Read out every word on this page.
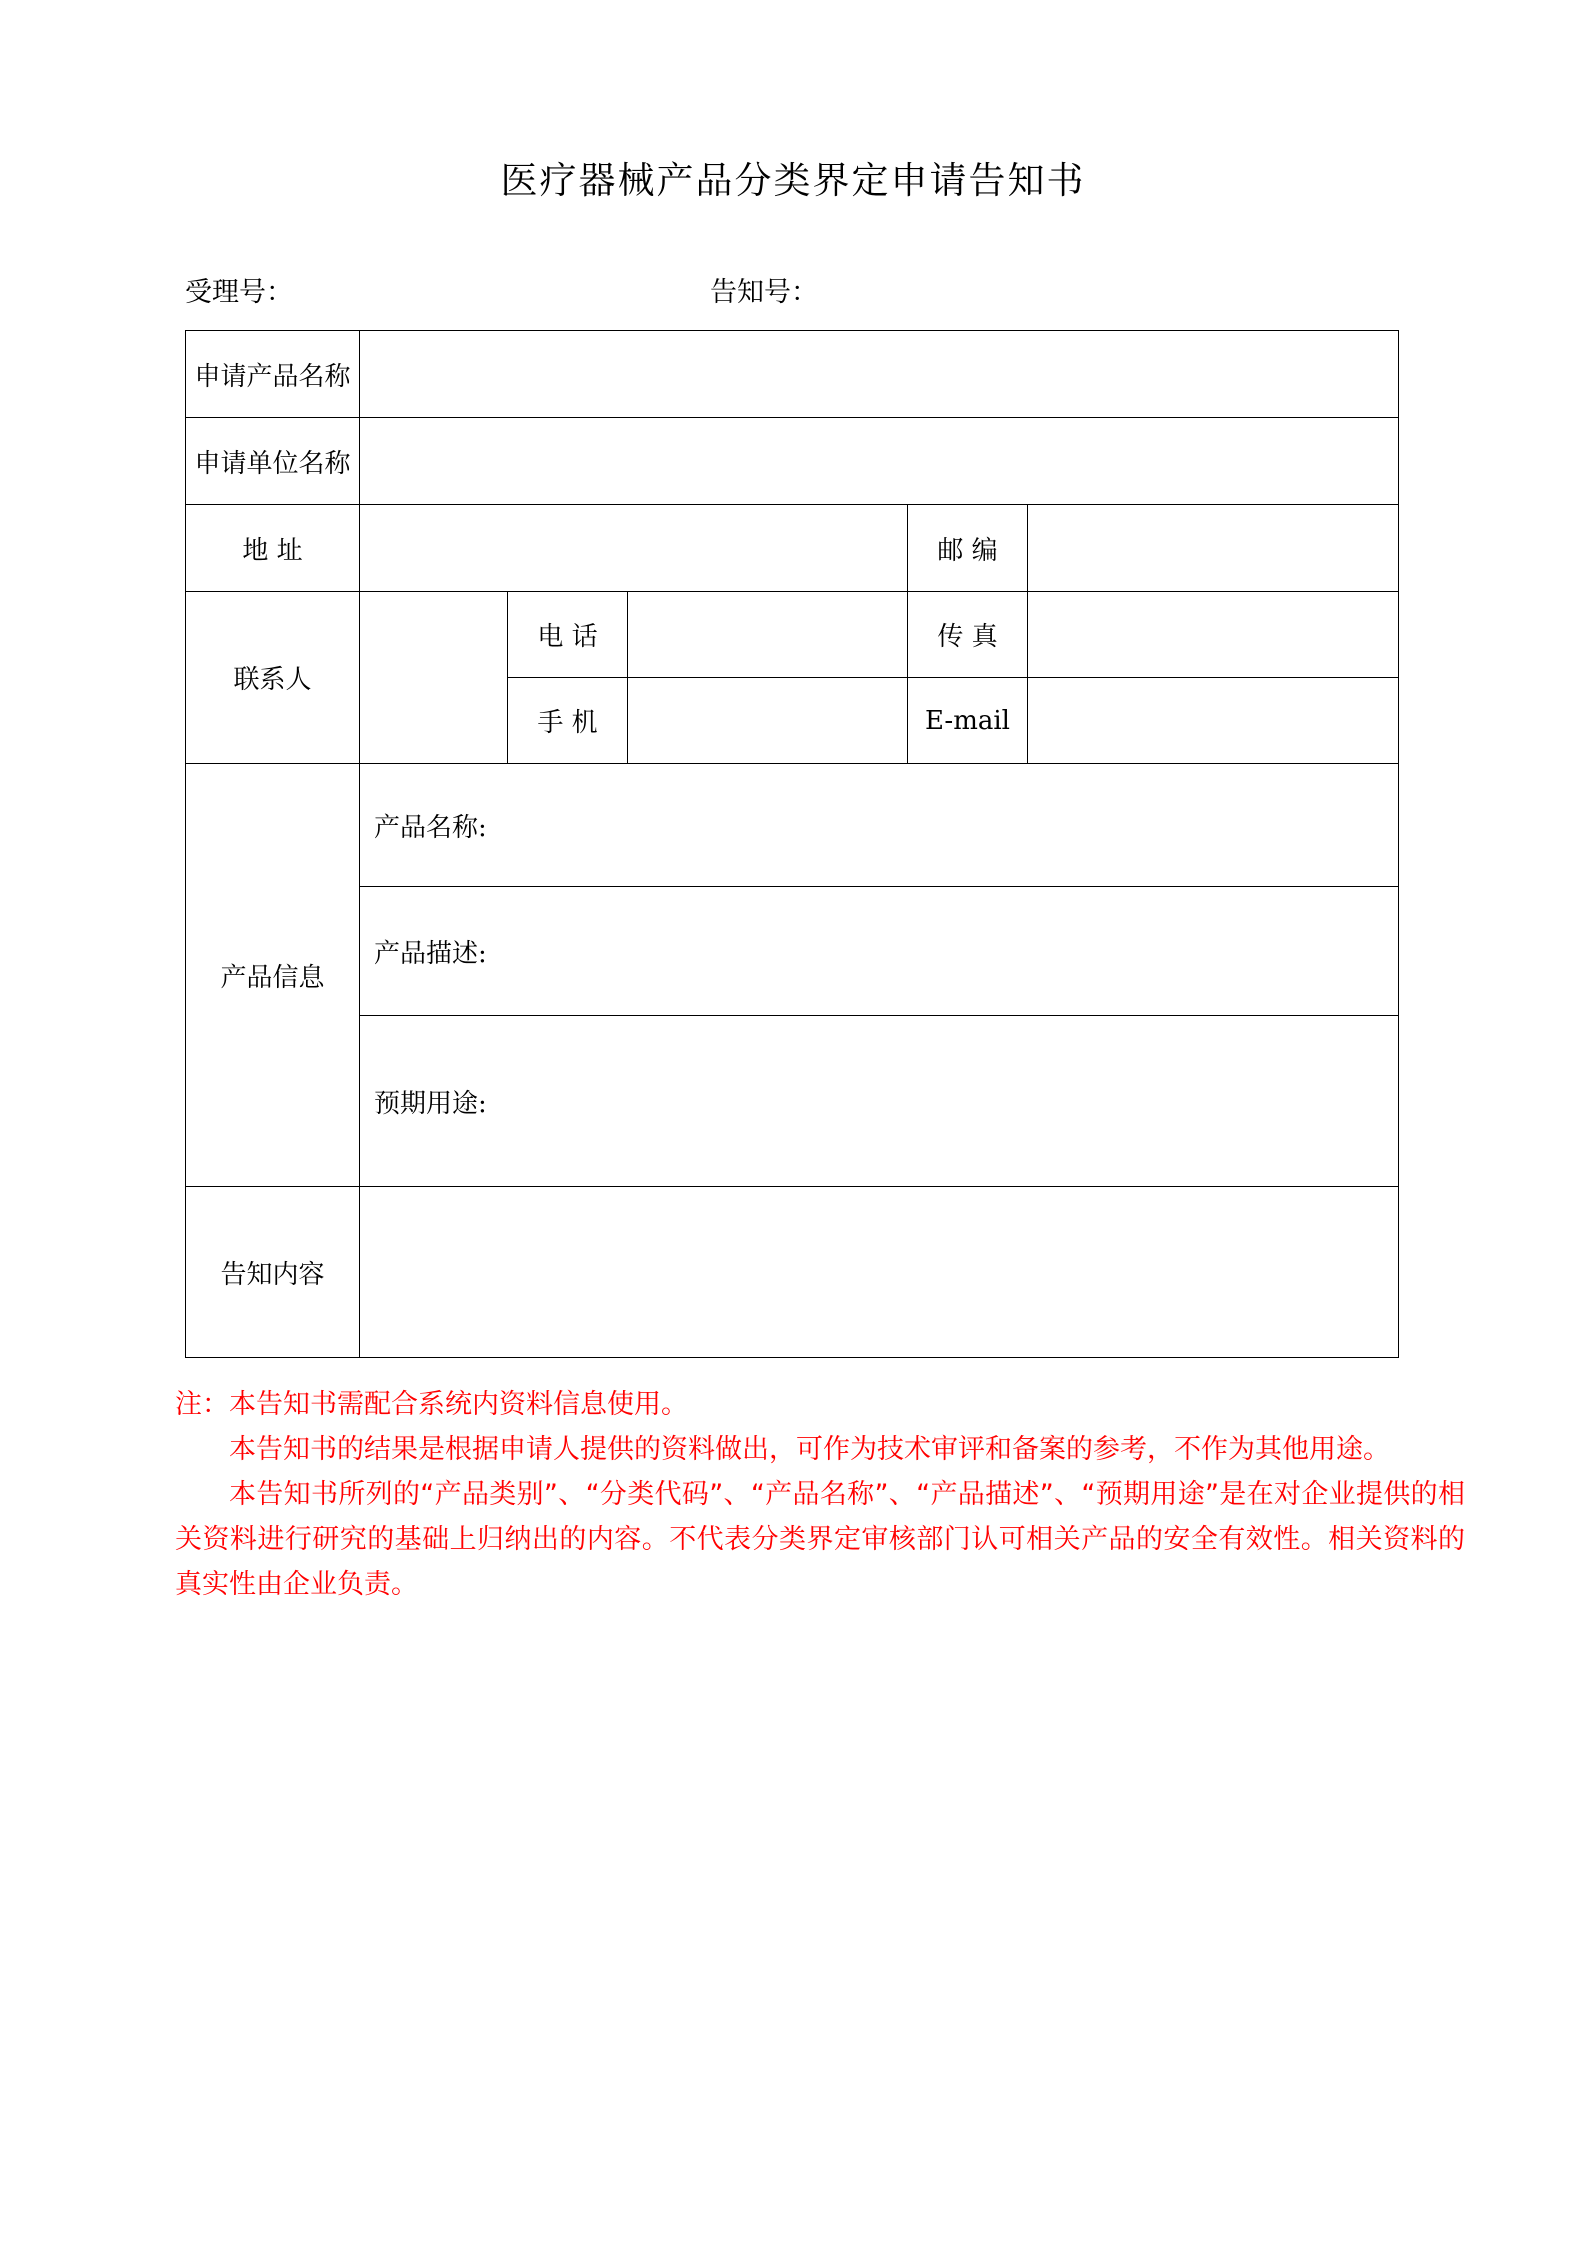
医疗器械产品分类界定申请告知书
受理号：	告知号：
申请产品名称					
申请单位名称					
地 址				邮 编	
联系人		电 话		传 真	
		手 机		E-mail	
产品信息	产品名称:				
	产品描述:				
	预期用途:				
告知内容					

注：本告知书需配合系统内资料信息使用。

本告知书的结果是根据申请人提供的资料做出，可作为技术审评和备案的参考，不作为其他用途。

本告知书所列的“产品类别”、“分类代码”、“产品名称”、“产品描述”、“预期用途”是在对企业提供的相关资料进行研究的基础上归纳出的内容。不代表分类界定审核部门认可相关产品的安全有效性。相关资料的真实性由企业负责。
